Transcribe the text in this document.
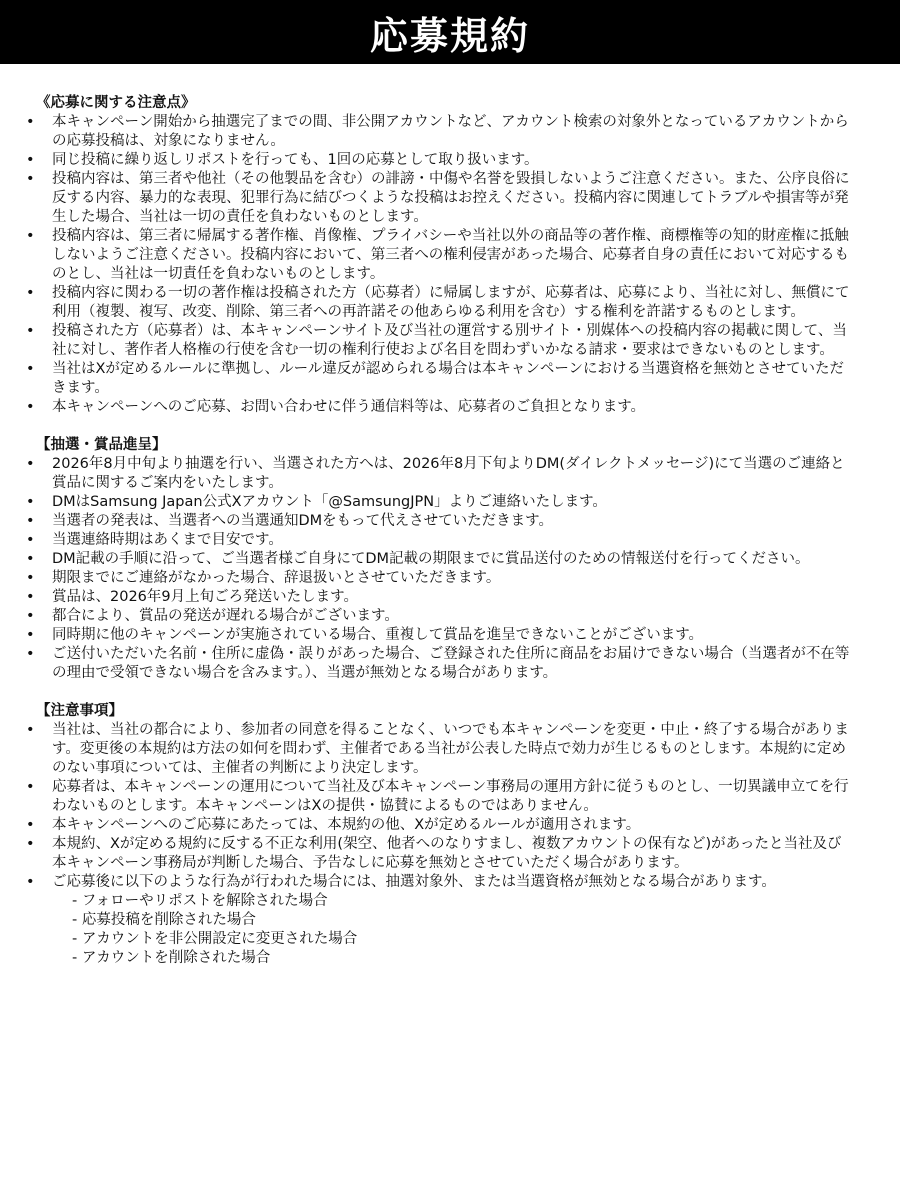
応募規約
《応募に関する注意点》
• 本キャンペーン開始から抽選完了までの間、非公開アカウントなど、アカウント検索の対象外となっているアカウントからの応募投稿は、対象になりません。
• 同じ投稿に繰り返しリポストを行っても、1回の応募として取り扱います。
• 投稿内容は、第三者や他社（その他製品を含む）の誹謗・中傷や名誉を毀損しないようご注意ください。また、公序良俗に反する内容、暴力的な表現、犯罪行為に結びつくような投稿はお控えください。投稿内容に関連してトラブルや損害等が発生した場合、当社は一切の責任を負わないものとします。
• 投稿内容は、第三者に帰属する著作権、肖像権、プライバシーや当社以外の商品等の著作権、商標権等の知的財産権に抵触しないようご注意ください。投稿内容において、第三者への権利侵害があった場合、応募者自身の責任において対応するものとし、当社は一切責任を負わないものとします。
• 投稿内容に関わる一切の著作権は投稿された方（応募者）に帰属しますが、応募者は、応募により、当社に対し、無償にて利用（複製、複写、改変、削除、第三者への再許諾その他あらゆる利用を含む）する権利を許諾するものとします。
• 投稿された方（応募者）は、本キャンペーンサイト及び当社の運営する別サイト・別媒体への投稿内容の掲載に関して、当社に対し、著作者人格権の行使を含む一切の権利行使および名目を問わずいかなる請求・要求はできないものとします。
• 当社はXが定めるルールに準拠し、ルール違反が認められる場合は本キャンペーンにおける当選資格を無効とさせていただきます。
• 本キャンペーンへのご応募、お問い合わせに伴う通信料等は、応募者のご負担となります。
【抽選・賞品進呈】
• 2026年8月中旬より抽選を行い、当選された方へは、2026年8月下旬よりDM(ダイレクトメッセージ)にて当選のご連絡と賞品に関するご案内をいたします。
• DMはSamsung Japan公式Xアカウント「@SamsungJPN」よりご連絡いたします。
• 当選者の発表は、当選者への当選通知DMをもって代えさせていただきます。
• 当選連絡時期はあくまで目安です。
• DM記載の手順に沿って、ご当選者様ご自身にてDM記載の期限までに賞品送付のための情報送付を行ってください。
• 期限までにご連絡がなかった場合、辞退扱いとさせていただきます。
• 賞品は、2026年9月上旬ごろ発送いたします。
• 都合により、賞品の発送が遅れる場合がございます。
• 同時期に他のキャンペーンが実施されている場合、重複して賞品を進呈できないことがございます。
• ご送付いただいた名前・住所に虚偽・誤りがあった場合、ご登録された住所に商品をお届けできない場合（当選者が不在等の理由で受領できない場合を含みます。）、当選が無効となる場合があります。
【注意事項】
• 当社は、当社の都合により、参加者の同意を得ることなく、いつでも本キャンペーンを変更・中止・終了する場合があります。変更後の本規約は方法の如何を問わず、主催者である当社が公表した時点で効力が生じるものとします。本規約に定めのない事項については、主催者の判断により決定します。
• 応募者は、本キャンペーンの運用について当社及び本キャンペーン事務局の運用方針に従うものとし、一切異議申立てを行わないものとします。本キャンペーンはXの提供・協賛によるものではありません。
• 本キャンペーンへのご応募にあたっては、本規約の他、Xが定めるルールが適用されます。
• 本規約、Xが定める規約に反する不正な利用(架空、他者へのなりすまし、複数アカウントの保有など)があったと当社及び本キャンペーン事務局が判断した場合、予告なしに応募を無効とさせていただく場合があります。
• ご応募後に以下のような行為が行われた場合には、抽選対象外、または当選資格が無効となる場合があります。
- フォローやリポストを解除された場合
- 応募投稿を削除された場合
- アカウントを非公開設定に変更された場合
- アカウントを削除された場合
